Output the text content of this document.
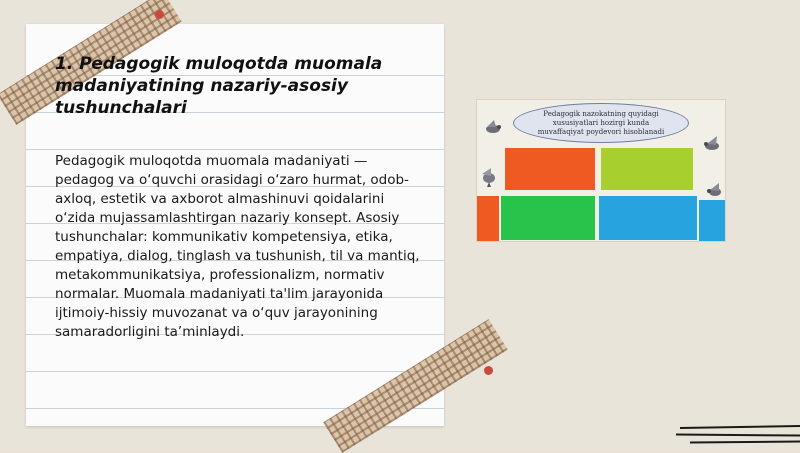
1. Pedagogik muloqotda muomala madaniyatining nazariy-asosiy tushunchalari

Pedagogik muloqotda muomala madaniyati — pedagog va o‘quvchi orasidagi o‘zaro hurmat, odob-axloq, estetik va axborot almashinuvi qoidalarini o‘zida mujassamlashtirgan nazariy konsept. Asosiy tushunchalar: kommunikativ kompetensiya, etika, empatiya, dialog, tinglash va tushunish, til va mantiq, metakommunikatsiya, professionalizm, normativ normalar. Muomala madaniyati ta'lim jarayonida ijtimoiy-hissiy muvozanat va o‘quv jarayonining samaradorligini ta’minlaydi.

Pedagogik nazokatning quyidagi xususiyatlari hozirgi kunda muvaffaqiyat poydevori hisoblanadi
